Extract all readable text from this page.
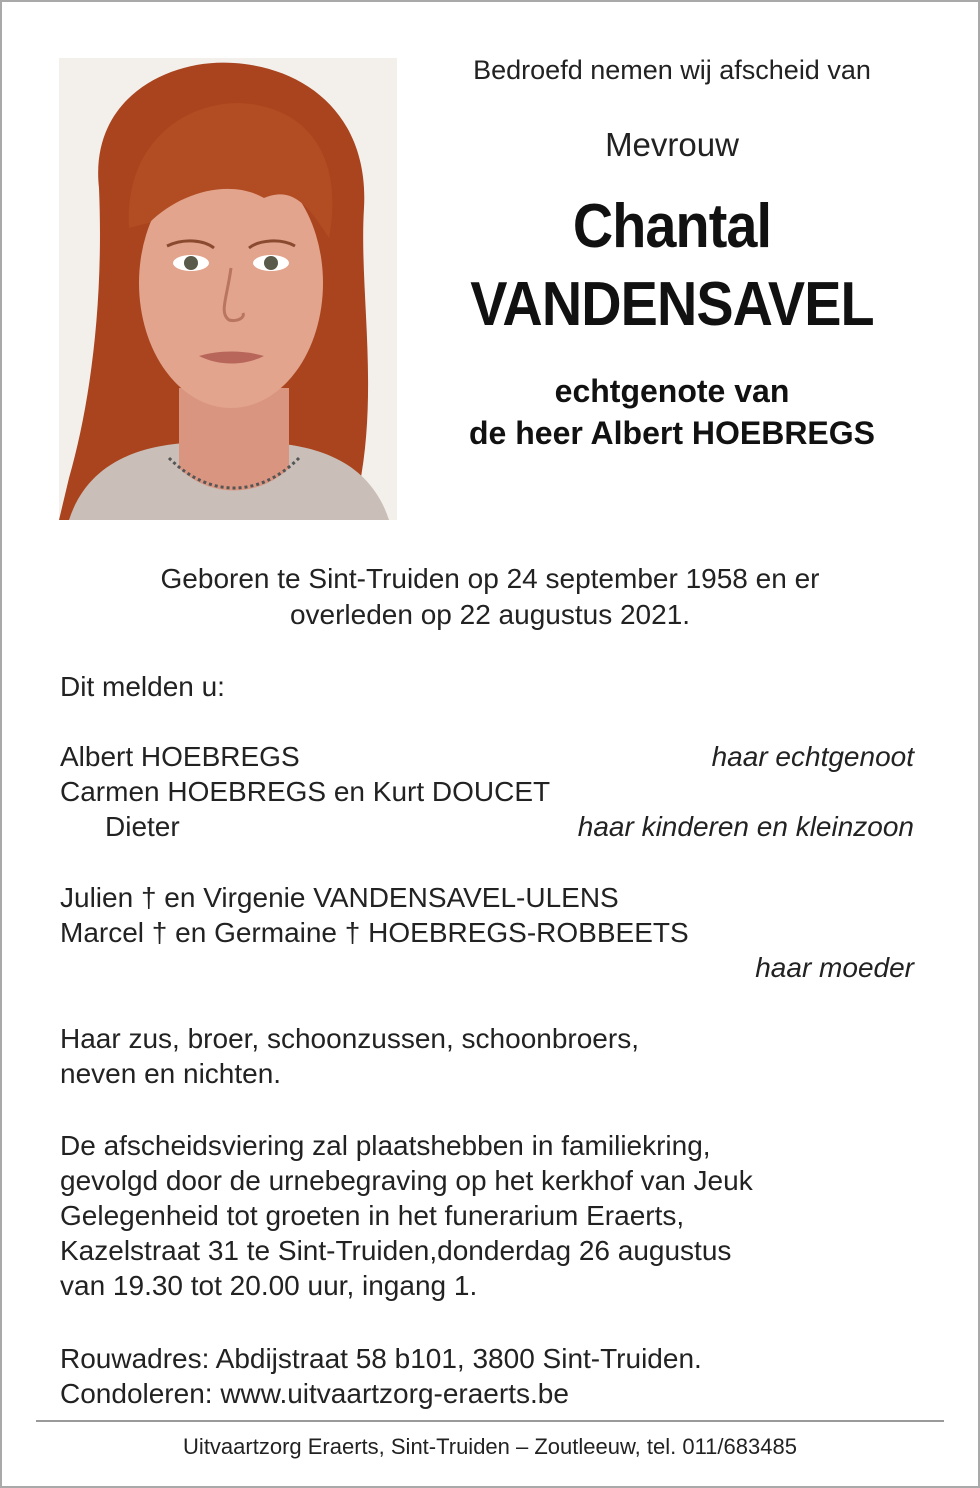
Bedroefd nemen wij afscheid van
Mevrouw
Chantal
VANDENSAVEL
echtgenote van
de heer Albert HOEBREGS
Geboren te Sint-Truiden op 24 september 1958 en er
overleden op 22 augustus 2021.
Dit melden u:
Albert HOEBREGS	haar echtgenoot
Carmen HOEBREGS en Kurt DOUCET
Dieter	haar kinderen en kleinzoon
Julien † en Virgenie VANDENSAVEL-ULENS
Marcel † en Germaine † HOEBREGS-ROBBEETS
haar moeder
Haar zus, broer, schoonzussen, schoonbroers,
neven en nichten.
De afscheidsviering zal plaatshebben in familiekring,
gevolgd door de urnebegraving op het kerkhof van Jeuk
Gelegenheid tot groeten in het funerarium Eraerts,
Kazelstraat 31 te Sint-Truiden,donderdag 26 augustus
van 19.30 tot 20.00 uur, ingang 1.
Rouwadres: Abdijstraat 58 b101, 3800 Sint-Truiden.
Condoleren: www.uitvaartzorg-eraerts.be
Uitvaartzorg Eraerts, Sint-Truiden – Zoutleeuw, tel. 011/683485
